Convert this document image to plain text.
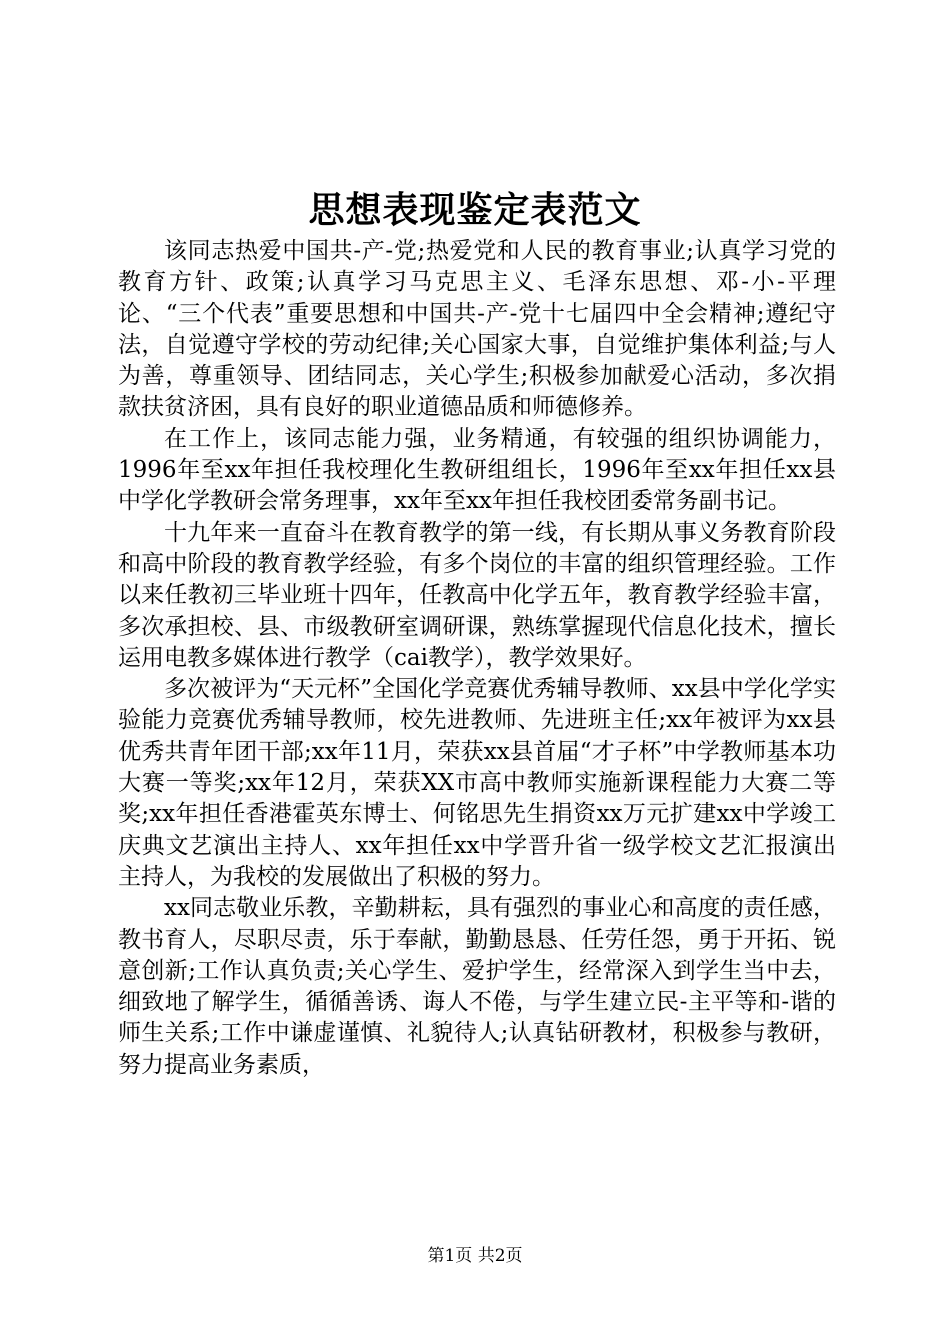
思想表现鉴定表范文

该同志热爱中国共-产-党;热爱党和人民的教育事业;认真学习党的教育方针、政策;认真学习马克思主义、毛泽东思想、邓-小-平理论、“三个代表”重要思想和中国共-产-党十七届四中全会精神;遵纪守法，自觉遵守学校的劳动纪律;关心国家大事，自觉维护集体利益;与人为善，尊重领导、团结同志，关心学生;积极参加献爱心活动，多次捐款扶贫济困，具有良好的职业道德品质和师德修养。

在工作上，该同志能力强，业务精通，有较强的组织协调能力，1996年至xx年担任我校理化生教研组组长，1996年至xx年担任xx县中学化学教研会常务理事，xx年至xx年担任我校团委常务副书记。

十九年来一直奋斗在教育教学的第一线，有长期从事义务教育阶段和高中阶段的教育教学经验，有多个岗位的丰富的组织管理经验。工作以来任教初三毕业班十四年，任教高中化学五年，教育教学经验丰富，多次承担校、县、市级教研室调研课，熟练掌握现代信息化技术，擅长运用电教多媒体进行教学（cai教学），教学效果好。

多次被评为“天元杯”全国化学竞赛优秀辅导教师、xx县中学化学实验能力竞赛优秀辅导教师，校先进教师、先进班主任;xx年被评为xx县优秀共青年团干部;xx年11月，荣获xx县首届“才子杯”中学教师基本功大赛一等奖;xx年12月，荣获XX市高中教师实施新课程能力大赛二等奖;xx年担任香港霍英东博士、何铭思先生捐资xx万元扩建xx中学竣工庆典文艺演出主持人、xx年担任xx中学晋升省一级学校文艺汇报演出主持人，为我校的发展做出了积极的努力。

xx同志敬业乐教，辛勤耕耘，具有强烈的事业心和高度的责任感，教书育人，尽职尽责，乐于奉献，勤勤恳恳、任劳任怨，勇于开拓、锐意创新;工作认真负责;关心学生、爱护学生，经常深入到学生当中去，细致地了解学生，循循善诱、诲人不倦，与学生建立民-主平等和-谐的师生关系;工作中谦虚谨慎、礼貌待人;认真钻研教材，积极参与教研，努力提高业务素质，

第1页 共2页
